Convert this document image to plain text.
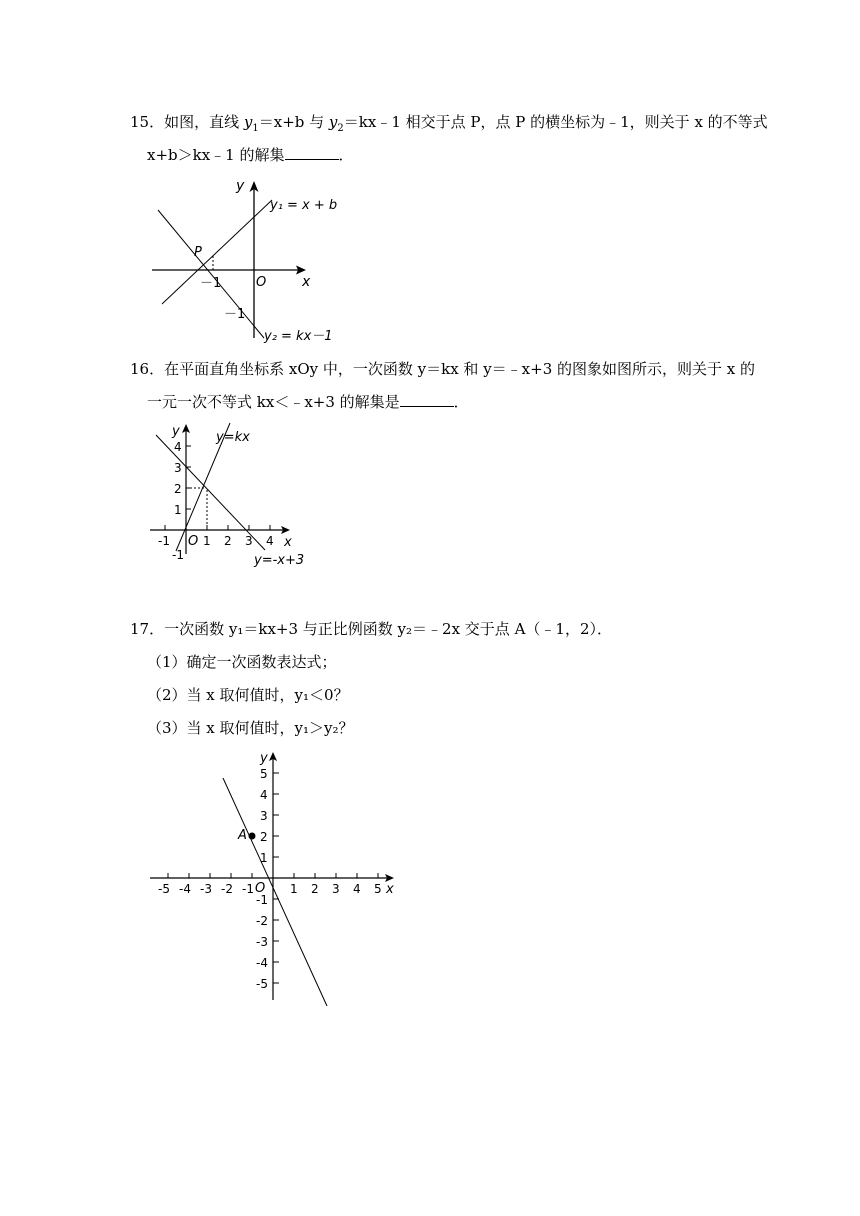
15．如图，直线 $y_1=x+b$ 与 $y_2=kx﹣1$ 相交于点 P，点 P 的横坐标为﹣1，则关于 x 的不等式
x+b＞kx﹣1 的解集	．
y
x
O
P
－1
－1
y₁ = x + b
y₂ = kx－1
16．在平面直角坐标系 xOy 中，一次函数 y＝kx 和 y＝﹣x+3 的图象如图所示，则关于 x 的
一元一次不等式 kx＜﹣x+3 的解集是	．
y
x
y=kx
y=-x+3
O
4
3
2
1
-1	1 2 3 4
-1
17．一次函数 y₁＝kx+3 与正比例函数 y₂＝﹣2x 交于点 A（﹣1，2）．
（1）确定一次函数表达式；
（2）当 x 取何值时，y₁＜0？
（3）当 x 取何值时，y₁＞y₂？
y
x
O
A
-5 -4 -3 -2 -1	1 2 3 4 5
5
4
3
2
1
-1
-2
-3
-4
-5
